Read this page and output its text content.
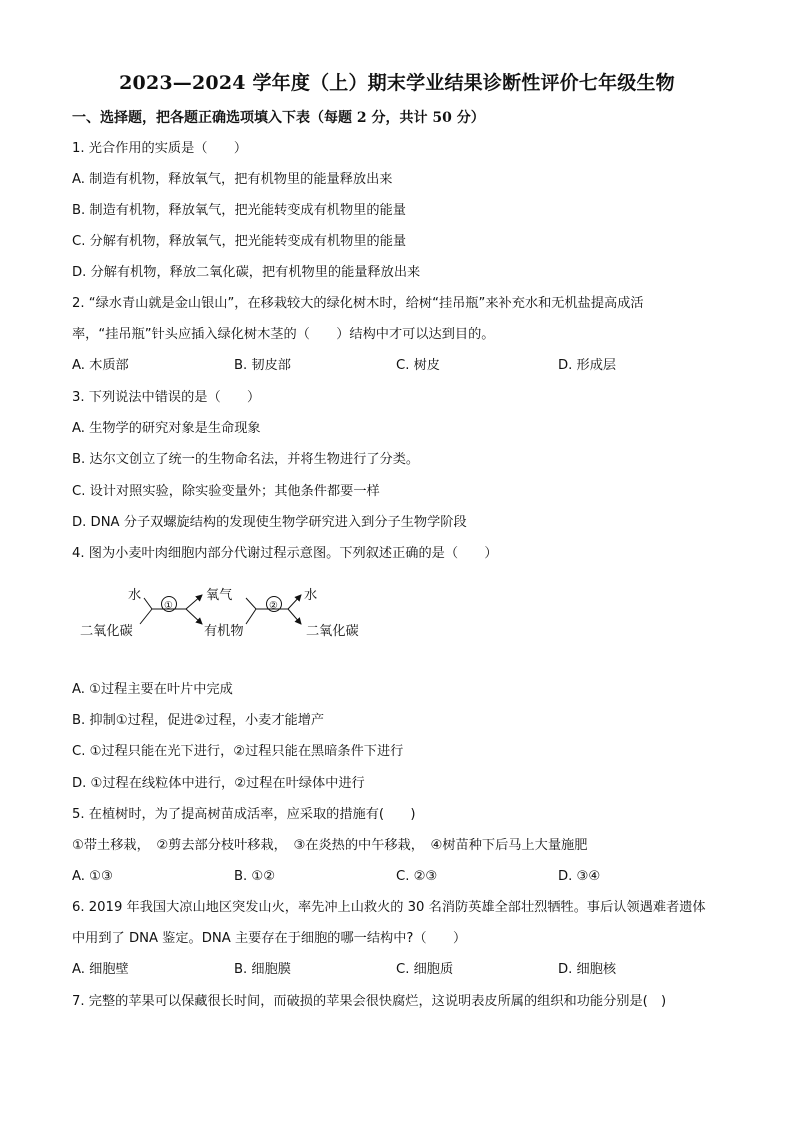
2023—2024 学年度（上）期末学业结果诊断性评价七年级生物
一、选择题，把各题正确选项填入下表（每题 2 分，共计 50 分）
1. 光合作用的实质是（　　）
A. 制造有机物，释放氧气，把有机物里的能量释放出来
B. 制造有机物，释放氧气，把光能转变成有机物里的能量
C. 分解有机物，释放氧气，把光能转变成有机物里的能量
D. 分解有机物，释放二氧化碳，把有机物里的能量释放出来
2. “绿水青山就是金山银山”，在移栽较大的绿化树木时，给树“挂吊瓶”来补充水和无机盐提高成活
率，“挂吊瓶”针头应插入绿化树木茎的（　　）结构中才可以达到目的。
A. 木质部	B. 韧皮部	C. 树皮	D. 形成层
3. 下列说法中错误的是（　　）
A. 生物学的研究对象是生命现象
B. 达尔文创立了统一的生物命名法，并将生物进行了分类。
C. 设计对照实验，除实验变量外；其他条件都要一样
D. DNA 分子双螺旋结构的发现使生物学研究进入到分子生物学阶段
4. 图为小麦叶肉细胞内部分代谢过程示意图。下列叙述正确的是（　　）
水
二氧化碳
①
氧气
有机物
②
水
二氧化碳
A. ①过程主要在叶片中完成
B. 抑制①过程，促进②过程，小麦才能增产
C. ①过程只能在光下进行，②过程只能在黑暗条件下进行
D. ①过程在线粒体中进行，②过程在叶绿体中进行
5. 在植树时，为了提高树苗成活率，应采取的措施有(　　)
①带土移栽，　②剪去部分枝叶移栽，　③在炎热的中午移栽，　④树苗种下后马上大量施肥
A. ①③	B. ①②	C. ②③	D. ③④
6. 2019 年我国大凉山地区突发山火，率先冲上山救火的 30 名消防英雄全部壮烈牺牲。事后认领遇难者遗体
中用到了 DNA 鉴定。DNA 主要存在于细胞的哪一结构中?（　　）
A. 细胞壁	B. 细胞膜	C. 细胞质	D. 细胞核
7. 完整的苹果可以保藏很长时间，而破损的苹果会很快腐烂，这说明表皮所属的组织和功能分别是(　)
